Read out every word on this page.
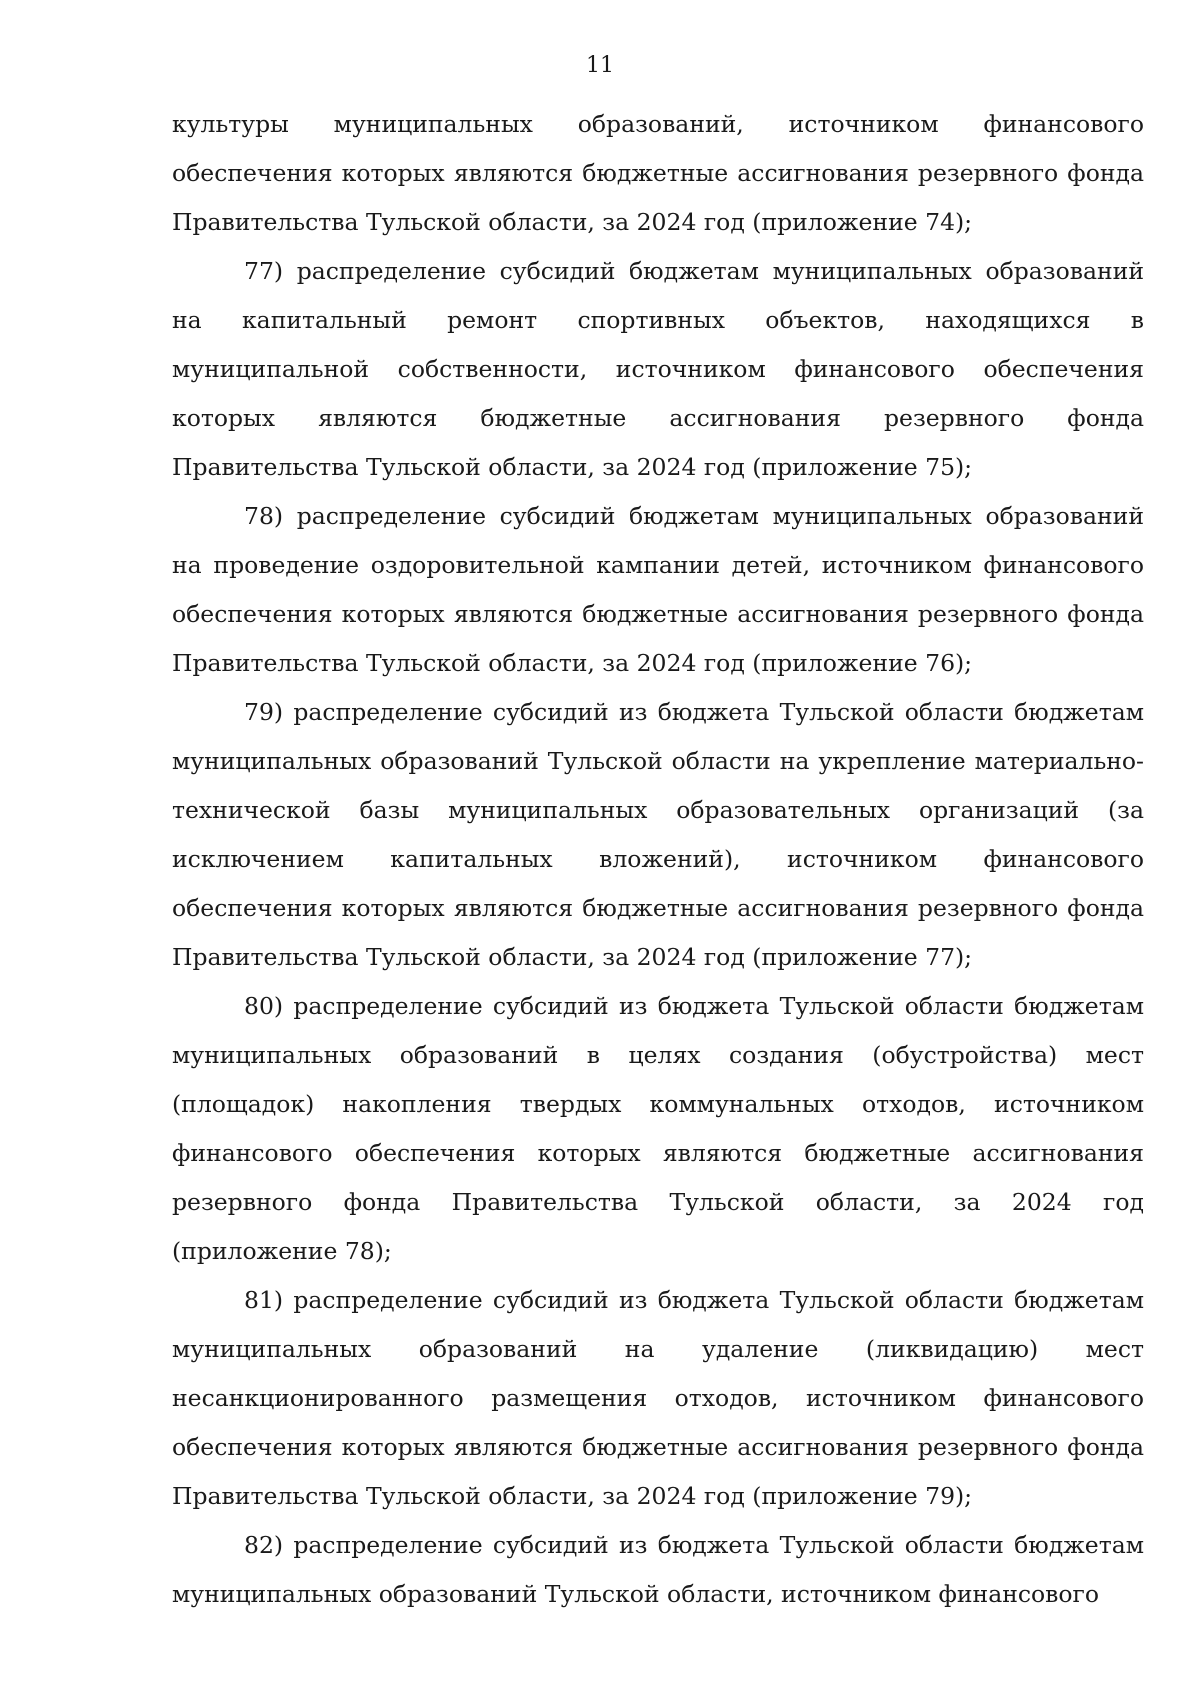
11

культуры муниципальных образований, источником финансового обеспечения которых являются бюджетные ассигнования резервного фонда Правительства Тульской области, за 2024 год (приложение 74);

77) распределение субсидий бюджетам муниципальных образований на капитальный ремонт спортивных объектов, находящихся в муниципальной собственности, источником финансового обеспечения которых являются бюджетные ассигнования резервного фонда Правительства Тульской области, за 2024 год (приложение 75);

78) распределение субсидий бюджетам муниципальных образований на проведение оздоровительной кампании детей, источником финансового обеспечения которых являются бюджетные ассигнования резервного фонда Правительства Тульской области, за 2024 год (приложение 76);

79) распределение субсидий из бюджета Тульской области бюджетам муниципальных образований Тульской области на укрепление материально-технической базы муниципальных образовательных организаций (за исключением капитальных вложений), источником финансового обеспечения которых являются бюджетные ассигнования резервного фонда Правительства Тульской области, за 2024 год (приложение 77);

80) распределение субсидий из бюджета Тульской области бюджетам муниципальных образований в целях создания (обустройства) мест (площадок) накопления твердых коммунальных отходов, источником финансового обеспечения которых являются бюджетные ассигнования резервного фонда Правительства Тульской области, за 2024 год (приложение 78);

81) распределение субсидий из бюджета Тульской области бюджетам муниципальных образований на удаление (ликвидацию) мест несанкционированного размещения отходов, источником финансового обеспечения которых являются бюджетные ассигнования резервного фонда Правительства Тульской области, за 2024 год (приложение 79);

82) распределение субсидий из бюджета Тульской области бюджетам муниципальных образований Тульской области, источником финансового
